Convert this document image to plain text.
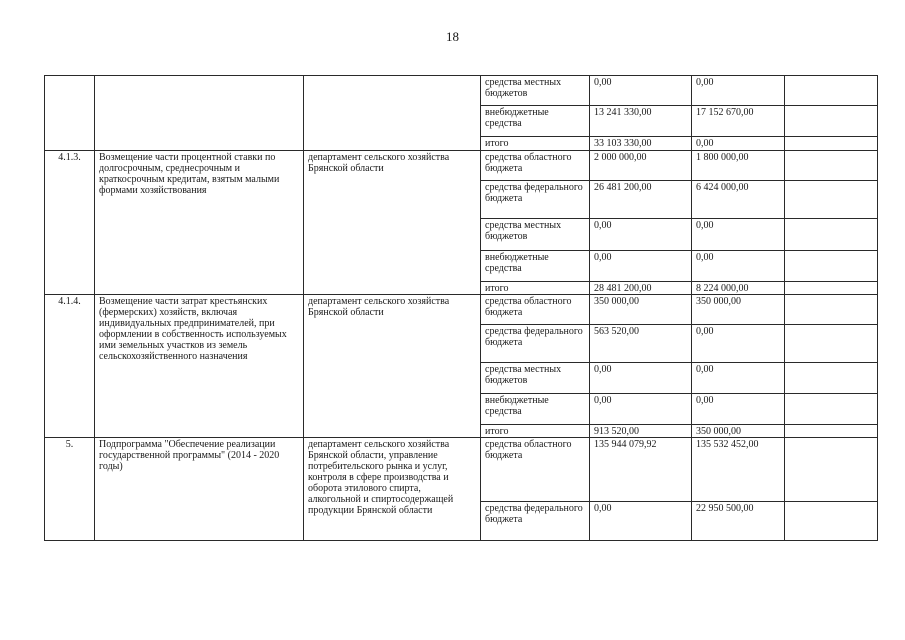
18
			средства местных бюджетов	0,00	0,00	
			внебюджетные средства	13 241 330,00	17 152 670,00	
			итого	33 103 330,00	0,00	
4.1.3.	Возмещение части процентной ставки по долгосрочным, среднесрочным и краткосрочным кредитам, взятым малыми формами хозяйствования	департамент сельского хозяйства Брянской области	средства областного бюджета	2 000 000,00	1 800 000,00	
			средства федерального бюджета	26 481 200,00	6 424 000,00	
			средства местных бюджетов	0,00	0,00	
			внебюджетные средства	0,00	0,00	
			итого	28 481 200,00	8 224 000,00	
4.1.4.	Возмещение части затрат крестьянских (фермерских) хозяйств, включая индивидуальных предпринимателей, при оформлении в собственность используемых ими земельных участков из земель сельскохозяйственного назначения	департамент сельского хозяйства Брянской области	средства областного бюджета	350 000,00	350 000,00	
			средства федерального бюджета	563 520,00	0,00	
			средства местных бюджетов	0,00	0,00	
			внебюджетные средства	0,00	0,00	
			итого	913 520,00	350 000,00	
5.	Подпрограмма "Обеспечение реализации государственной программы" (2014 - 2020 годы)	департамент сельского хозяйства Брянской области, управление потребительского рынка и услуг, контроля в сфере производства и оборота этилового спирта, алкогольной и спиртосодержащей продукции Брянской области	средства областного бюджета	135 944 079,92	135 532 452,00	
			средства федерального бюджета	0,00	22 950 500,00	
